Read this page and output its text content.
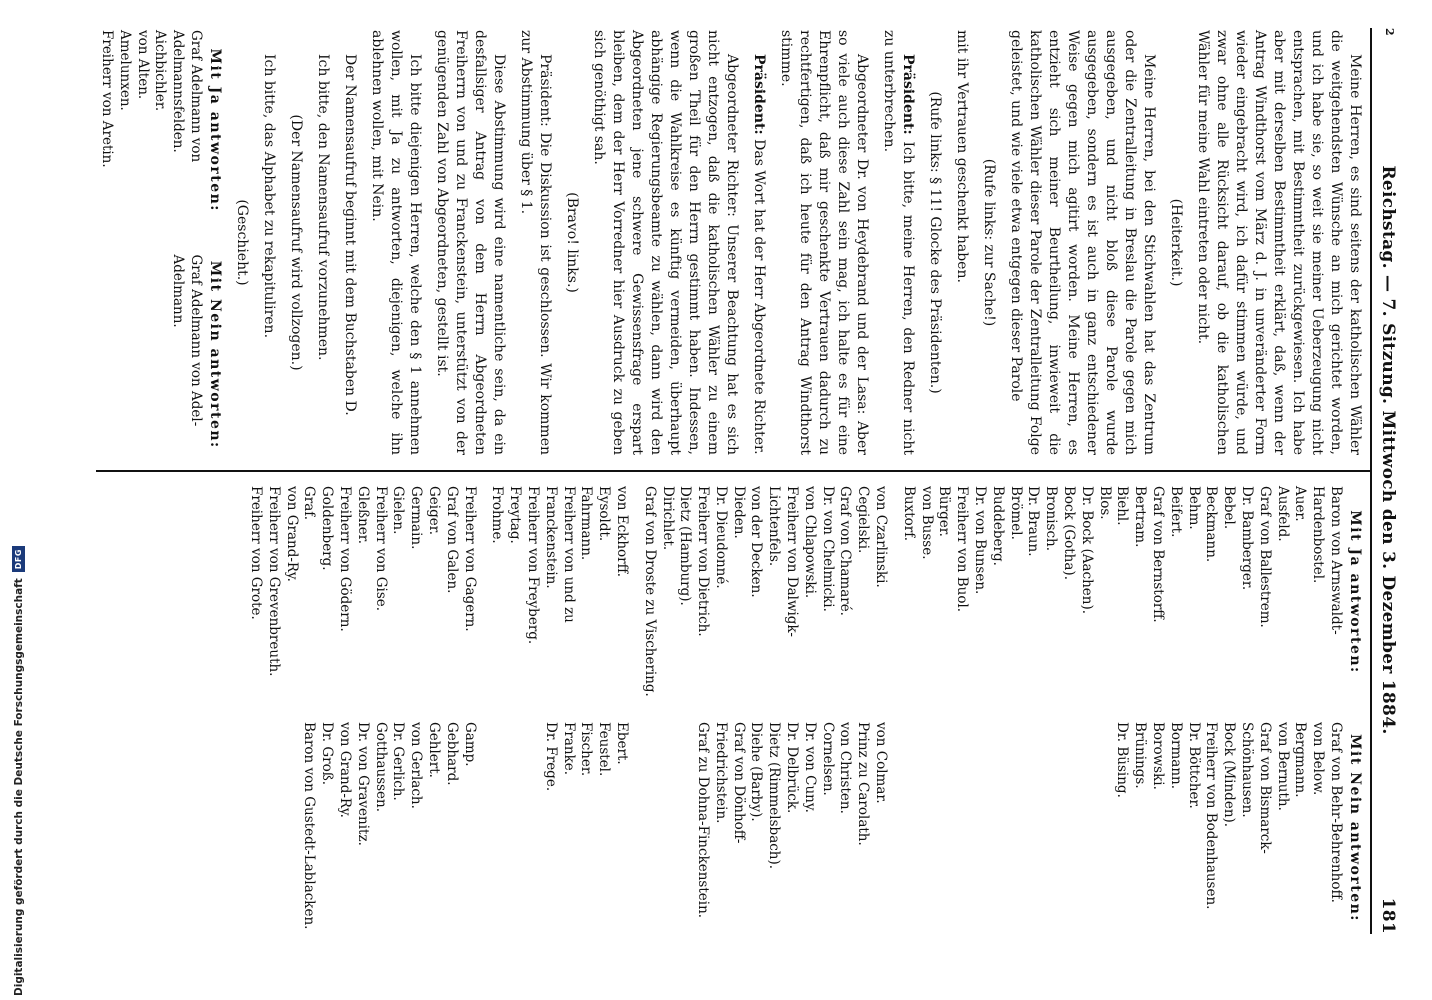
2
Reichstag. — 7. Sitzung. Mittwoch den 3. Dezember 1884.
181

Meine Herren, es sind seitens der katholischen Wähler die weitgehendsten Wünsche an mich gerichtet worden, und ich habe sie, so weit sie meiner Ueberzeugung nicht entsprachen, mit Bestimmtheit zurückgewiesen. Ich habe aber mit derselben Bestimmtheit erklärt, daß, wenn der Antrag Windthorst vom März d. J. in unveränderter Form wieder eingebracht wird, ich dafür stimmen würde, und zwar ohne alle Rücksicht darauf, ob die katholischen Wähler für meine Wahl eintreten oder nicht.

(Heiterkeit.)

Meine Herren, bei den Stichwahlen hat das Zentrum oder die Zentralleitung in Breslau die Parole gegen mich ausgegeben, und nicht bloß diese Parole wurde ausgegeben, sondern es ist auch in ganz entschiedener Weise gegen mich agitirt worden. Meine Herren, es entzieht sich meiner Beurtheilung, inwieweit die katholischen Wähler dieser Parole der Zentralleitung Folge geleistet, und wie viele etwa entgegen dieser Parole

(Rufe links: zur Sache!)

mit ihr Vertrauen geschenkt haben.

(Rufe links: § 11! Glocke des Präsidenten.)

Präsident: Ich bitte, meine Herren, den Redner nicht zu unterbrechen.

Abgeordneter Dr. von Heydebrand und der Lasa: Aber so viele auch diese Zahl sein mag, ich halte es für eine Ehrenpflicht, daß mir geschenkte Vertrauen dadurch zu rechtfertigen, daß ich heute für den Antrag Windthorst stimme.

Präsident: Das Wort hat der Herr Abgeordnete Richter.

Abgeordneter Richter: Unserer Beachtung hat es sich nicht entzogen, daß die katholischen Wähler zu einem großen Theil für den Herrn gestimmt haben. Indessen, wenn die Wahlkreise es künftig vermeiden, überhaupt abhängige Regierungsbeamte zu wählen, dann wird den Abgeordneten jene schwere Gewissensfrage erspart bleiben, dem der Herr Vorredner hier Ausdruck zu geben sich genöthigt sah.

(Bravo! links.)

Präsident: Die Diskussion ist geschlossen. Wir kommen zur Abstimmung über § 1.

Diese Abstimmung wird eine namentliche sein, da ein desfallsiger Antrag von dem Herrn Abgeordneten Freiherrn von und zu Franckenstein, unterstützt von der genügenden Zahl von Abgeordneten, gestellt ist.

Ich bitte diejenigen Herren, welche den § 1 annehmen wollen, mit Ja zu antworten, diejenigen, welche ihn ablehnen wollen, mit Nein.

Der Namensaufruf beginnt mit dem Buchstaben D.

Ich bitte, den Namensaufruf vorzunehmen.

(Der Namensaufruf wird vollzogen.)

Ich bitte, das Alphabet zu rekapituliren.

(Geschieht.)

Mit Ja antworten:

Graf Adelmann von Adelmannsfelden.
Aichbichler.
von Alten.
Amelunxen.
Freiherr von Aretin.

Mit Nein antworten:

Graf Adelmann von Adel-Adelmann.

Mit Ja antworten:

Baron von Arnswaldt-Hardenbostel.
Auer.
Ausfeld.
Graf von Ballestrem.
Dr. Bamberger.
Bebel.
Beckmann.
Behm.
Beifert.
Graf von Bernstorff.
Bertram.
Biehl.
Blos.
Dr. Bock (Aachen).
Bock (Gotha).
Bronisch.
Dr. Braun.
Brömel.
Buddeberg.
Dr. von Bunsen.
Freiherr von Buol.
Bürger.
von Busse.
Buxtorf.

Mit Nein antworten:

Graf von Behr-Behrenhoff.
von Below.
Bergmann.
von Bernuth.
Graf von Bismarck-Schönhausen.
Bock (Minden).
Freiherr von Bodenhausen.
Dr. Böttcher.
Bormann.
Borowski.
Brünings.
Dr. Büsing.
von Czarlinski.
Cegielski.
Graf von Chamaré.
Dr. von Chelmicki.
von Chlapowski.
Freiherr von Dalwigk-Lichtenfels.
von der Decken.
Dieden.
Dr. Dieudonné.
Freiherr von Dietrich.
Dietz (Hamburg).
Dirichlet.
Graf von Droste zu Vischering.
von Colmar.
Prinz zu Carolath.
von Christen.
Cornelsen.
Dr. von Cuny.
Dr. Delbrück.
Dietz (Rimmelsbach).
Diehe (Barby).
Graf von Dönhoff-Friedrichstein.
Graf zu Dohna-Finckenstein.
von Eckhorff.
Eysoldt.
Fahrmann.
Freiherr von und zu Franckenstein.
Freiherr von Freyberg.
Freytag.
Frohme.
Ebert.
Feustel.
Fischer.
Franke.
Dr. Frege.
Freiherr von Gagern.
Graf von Galen.
Geiger.
Germain.
Gielen.
Freiherr von Gise.
Gleßner.
Freiherr von Gödern.
Goldenberg.
Graf.
von Grand-Ry.
Freiherr von Grevenbreuth.
Freiherr von Grote.
Gamp.
Gebhard.
Gehlert.
von Gerlach.
Dr. Gerlich.
Gotthaussen.
Dr. von Gravenitz.
von Grand-Ry.
Dr. Groß.
Baron von Gustedt-Lablacken.
Digitalisierung gefördert durch die Deutsche Forschungsgemeinschaft
DFG
